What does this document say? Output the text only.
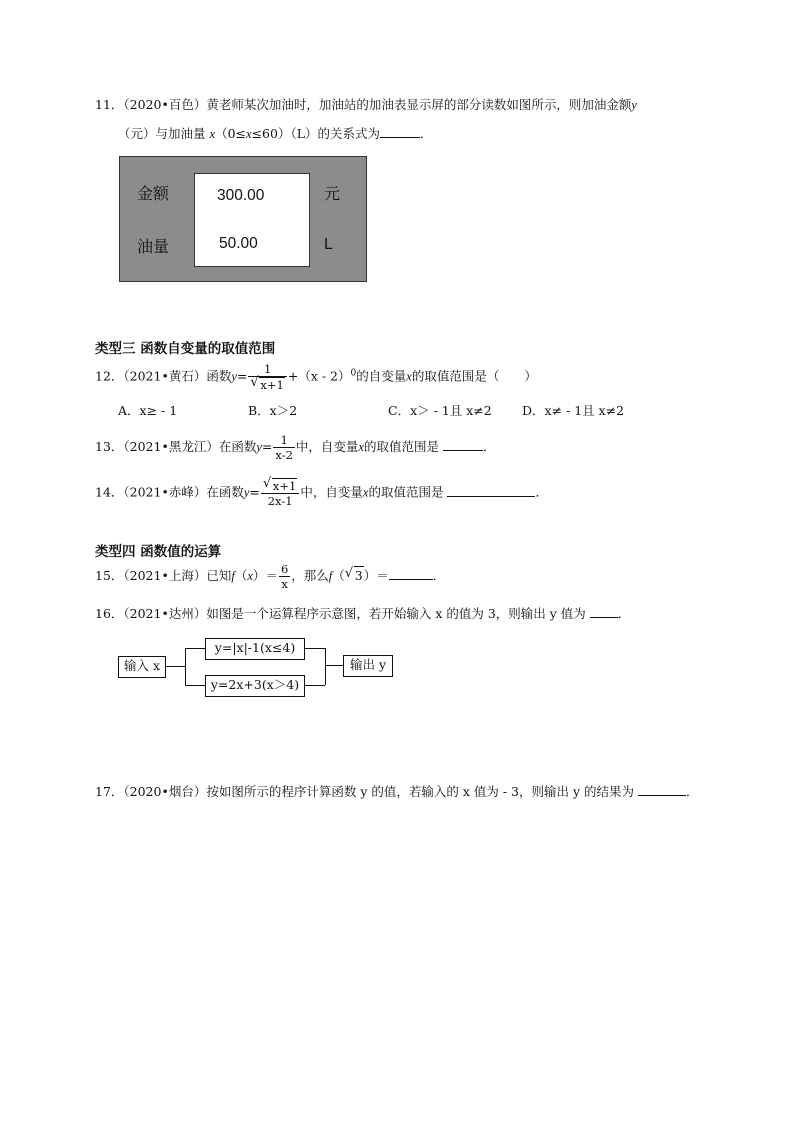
11．（2020•百色）黄老师某次加油时，加油站的加油表显示屏的部分读数如图所示，则加油金额y
（元）与加油量 x（0≤x≤60）（L）的关系式为	．
金额
油量
300.00
50.00
元
L
类型三 函数自变量的取值范围
12．（2021•黄石）函数$y= \frac{1}{√ x+1} +(x - 2)^0$的自变量x的取值范围是（　　）
A．x≥ - 1	B．x＞2	C．x＞ - 1且 x≠2 D．x≠ - 1且 x≠2
13．（2021•黑龙江）在函数$y= \frac{1}{x-2}$ 中，自变量x的取值范围是	．
14．（2021•赤峰）在函数$y= \frac{√ x+1}{2x-1}$ 中，自变量x的取值范围是	．
类型四 函数值的运算
15．（2021•上海）已知$f(x)= \frac{6}{x}$ ，那么f（ √ 3）＝	．
16．（2021•达州）如图是一个运算程序示意图，若开始输入 x 的值为 3，则输出 y 值为	．
输入 x
y=|x|-1(x≤4)
y=2x+3(x＞4)
输出 y
17．（2020•烟台）按如图所示的程序计算函数 y 的值，若输入的 x 值为 - 3，则输出 y 的结果为	．
